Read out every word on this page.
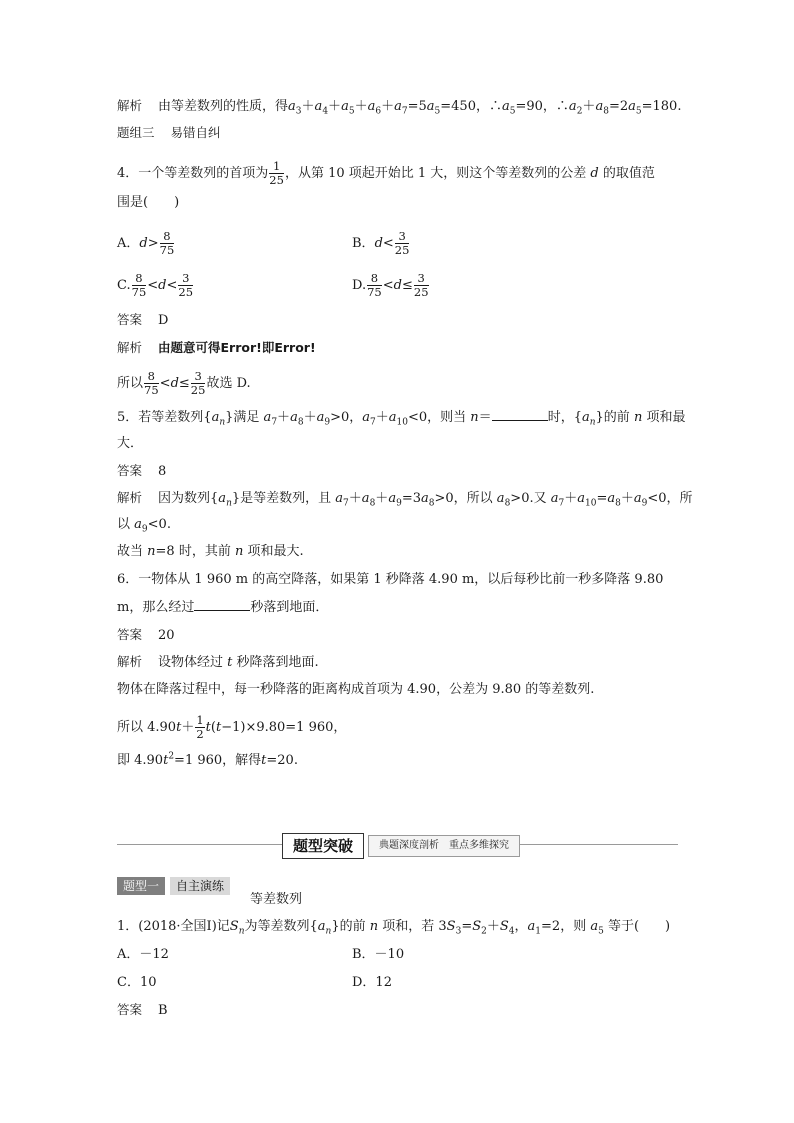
解析 由等差数列的性质，得$a_3+a_4+a_5+a_6+a_7=5a_5=450$，$\therefore a_5=90$，$\therefore a_2+a_8=2a_5=180$.
题组三 易错自纠
4．一个等差数列的首项为 $\frac{1}{25}$ ，从第 10 项起开始比 1 大，则这个等差数列的公差 d 的取值范
围是(　　)
A．$d> \frac{8}{75}$	B．$d< \frac{3}{25}$
C. $\frac{8}{75} <d< \frac{3}{25}$	D. $\frac{8}{75} <d\le \frac{3}{25}$
答案 D
解析 由题意可得Error!即Error!
所以 $\frac{8}{75} <d\le \frac{3}{25}$ 故选 D.
5．若等差数列$\{a_n\}$满足 $a_7+a_8+a_9>0$，$a_7+a_{10}<0$，则当 n＝	时，$\{a_n\}$的前 n 项和最
大．
答案 8
解析 因为数列$\{a_n\}$是等差数列，且 $a_7+a_8+a_9=3a_8>0$，所以 $a_8>0$.又 $a_7+a_{10}=a_8+a_9<0$，所
以 $a_9<0$.
故当 n=8 时，其前 n 项和最大.
6．一物体从 1 960 m 的高空降落，如果第 1 秒降落 4.90 m，以后每秒比前一秒多降落 9.80
m，那么经过	秒落到地面．
答案 20
解析 设物体经过 t 秒降落到地面.
物体在降落过程中，每一秒降落的距离构成首项为 4.90，公差为 9.80 的等差数列.
所以 $4.90t+ \frac{1}{2} t(t-1)\times 9.80=1$ 960，
即 $4.90t^2=1$ 960，解得t=20.
题型突破	典题深度剖析　重点多维探究
题型一	自主演练
等差数列
1．(2018·全国Ⅰ)记$S_n$为等差数列$\{a_n\}$的前 n 项和，若 $3S_3=S_2+S_4$，$a_1=2$，则 $a_5$ 等于(　　)
A．－12	B．－10
C．10	D．12
答案 B
